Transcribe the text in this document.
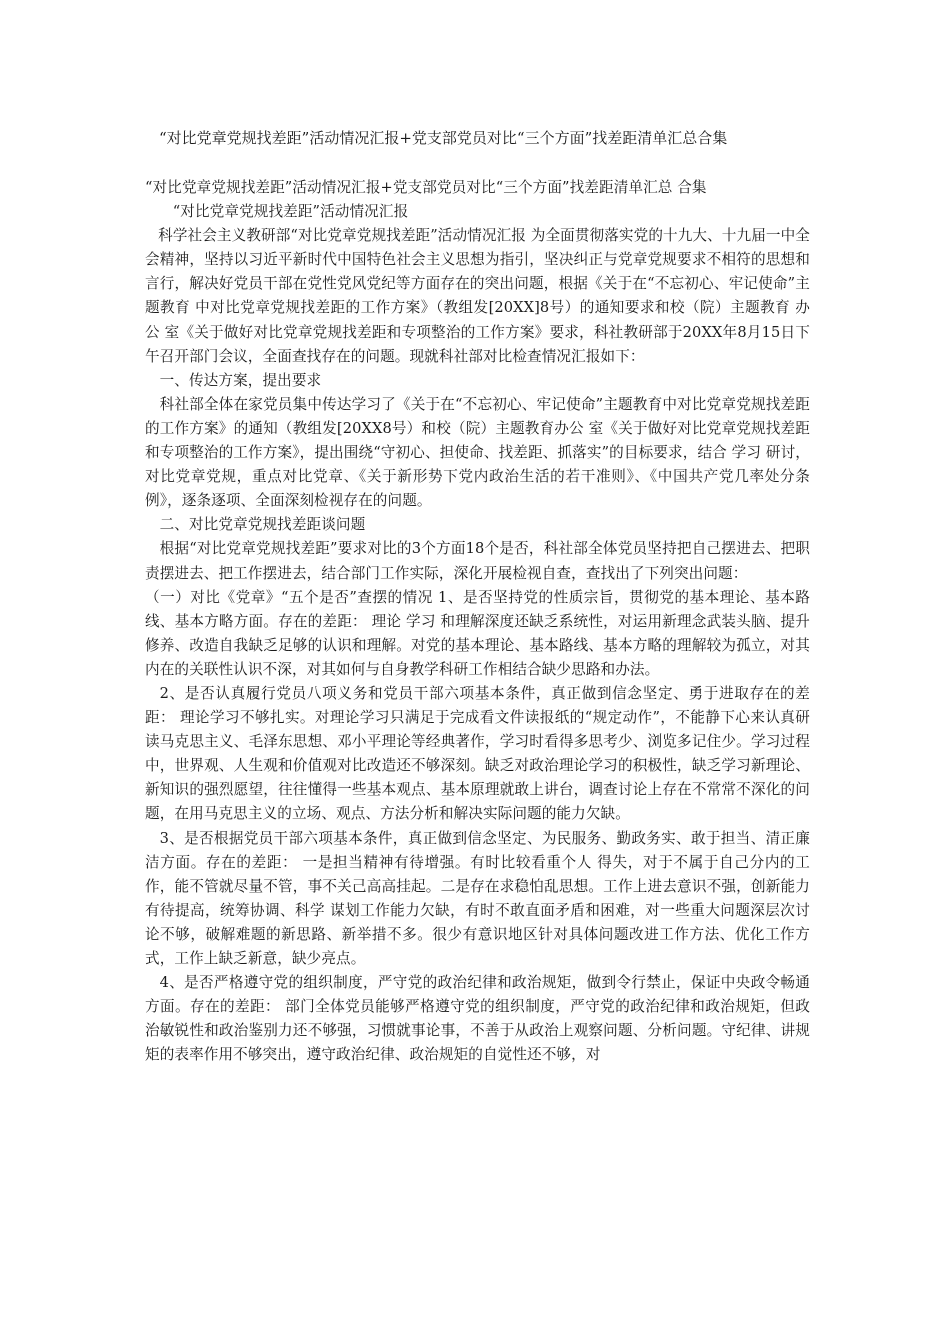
“对比党章党规找差距”活动情况汇报+党支部党员对比“三个方面”找差距清单汇总合集

“对比党章党规找差距”活动情况汇报+党支部党员对比“三个方面”找差距清单汇总 合集

“对比党章党规找差距”活动情况汇报

科学社会主义教研部“对比党章党规找差距”活动情况汇报 为全面贯彻落实党的十九大、十九届一中全会精神，坚持以习近平新时代中国特色社会主义思想为指引，坚决纠正与党章党规要求不相符的思想和言行，解决好党员干部在党性党风党纪等方面存在的突出问题，根据《关于在“不忘初心、牢记使命”主题教育 中对比党章党规找差距的工作方案》（教组发[20XX]8号）的通知要求和校（院）主题教育 办公 室《关于做好对比党章党规找差距和专项整治的工作方案》要求，科社教研部于20XX年8月15日下午召开部门会议，全面查找存在的问题。现就科社部对比检查情况汇报如下：

一、传达方案，提出要求

科社部全体在家党员集中传达学习了《关于在“不忘初心、牢记使命”主题教育中对比党章党规找差距的工作方案》的通知（教组发[20XX8号）和校（院）主题教育办公 室《关于做好对比党章党规找差距和专项整治的工作方案》，提出围绕“守初心、担使命、找差距、抓落实”的目标要求，结合 学习 研讨，对比党章党规，重点对比党章、《关于新形势下党内政治生活的若干准则》、《中国共产党几率处分条例》，逐条逐项、全面深刻检视存在的问题。

二、对比党章党规找差距谈问题

根据“对比党章党规找差距”要求对比的3个方面18个是否，科社部全体党员坚持把自己摆进去、把职责摆进去、把工作摆进去，结合部门工作实际，深化开展检视自查，查找出了下列突出问题：

（一）对比《党章》“五个是否”查摆的情况 1、是否坚持党的性质宗旨，贯彻党的基本理论、基本路线、基本方略方面。存在的差距： 理论 学习 和理解深度还缺乏系统性，对运用新理念武装头脑、提升修养、改造自我缺乏足够的认识和理解。对党的基本理论、基本路线、基本方略的理解较为孤立，对其内在的关联性认识不深，对其如何与自身教学科研工作相结合缺少思路和办法。

2、是否认真履行党员八项义务和党员干部六项基本条件，真正做到信念坚定、勇于进取存在的差距： 理论学习不够扎实。对理论学习只满足于完成看文件读报纸的“规定动作”，不能静下心来认真研读马克思主义、毛泽东思想、邓小平理论等经典著作，学习时看得多思考少、浏览多记住少。学习过程中，世界观、人生观和价值观对比改造还不够深刻。缺乏对政治理论学习的积极性，缺乏学习新理论、新知识的强烈愿望，往往懂得一些基本观点、基本原理就敢上讲台，调查讨论上存在不常常不深化的问题，在用马克思主义的立场、观点、方法分析和解决实际问题的能力欠缺。

3、是否根据党员干部六项基本条件，真正做到信念坚定、为民服务、勤政务实、敢于担当、清正廉洁方面。存在的差距： 一是担当精神有待增强。有时比较看重个人 得失，对于不属于自己分内的工作，能不管就尽量不管，事不关己高高挂起。二是存在求稳怕乱思想。工作上进去意识不强，创新能力有待提高，统筹协调、科学 谋划工作能力欠缺，有时不敢直面矛盾和困难，对一些重大问题深层次讨论不够，破解难题的新思路、新举措不多。很少有意识地区针对具体问题改进工作方法、优化工作方式，工作上缺乏新意，缺少亮点。

4、是否严格遵守党的组织制度，严守党的政治纪律和政治规矩，做到令行禁止，保证中央政令畅通方面。存在的差距： 部门全体党员能够严格遵守党的组织制度，严守党的政治纪律和政治规矩，但政治敏锐性和政治鉴别力还不够强，习惯就事论事，不善于从政治上观察问题、分析问题。守纪律、讲规矩的表率作用不够突出，遵守政治纪律、政治规矩的自觉性还不够，对
